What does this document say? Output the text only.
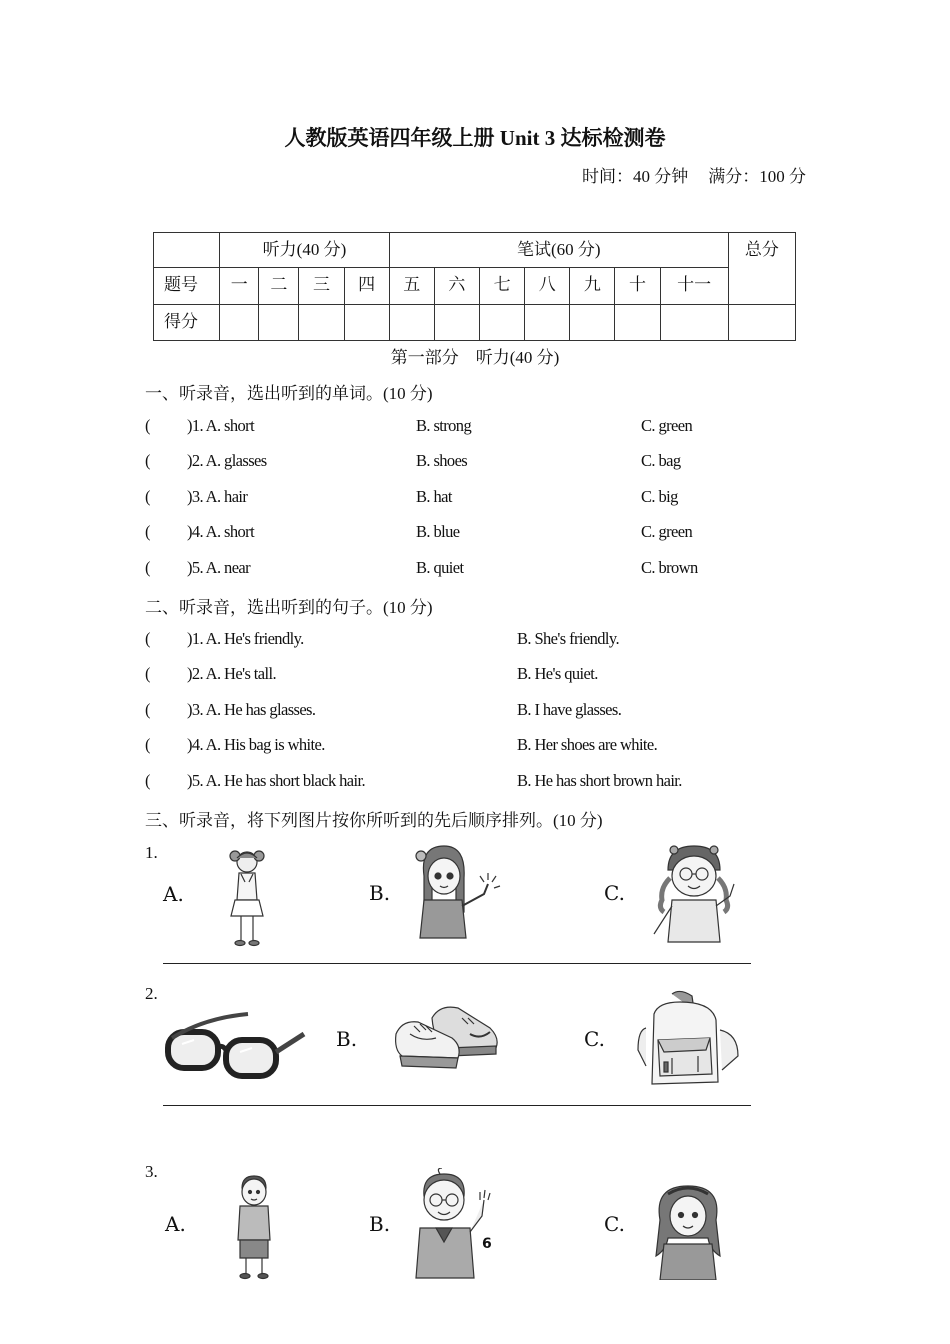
人教版英语四年级上册 Unit 3 达标检测卷
时间：40 分钟 满分：100 分
	听力(40 分)				笔试(60 分)							总分
题号	一	二	三	四	五	六	七	八	九	十	十一	
得分												
第一部分　听力(40 分)
一、听录音，选出听到的单词。(10 分)
( )1. A. short	B. strong	C. green
( )2. A. glasses	B. shoes	C. bag
( )3. A. hair	B. hat	C. big
( )4. A. short	B. blue	C. green
( )5. A. near	B. quiet	C. brown
二、听录音，选出听到的句子。(10 分)
( )1. A. He's friendly.	B. She's friendly.
( )2. A. He's tall.	B. He's quiet.
( )3. A. He has glasses.	B. I have glasses.
( )4. A. His bag is white.	B. Her shoes are white.
( )5. A. He has short black hair.	B. He has short brown hair.
三、听录音，将下列图片按你所听到的先后顺序排列。(10 分)
1.
A.	B.	C.
2.
B.	C.
3.
A.	B.	C.
6
